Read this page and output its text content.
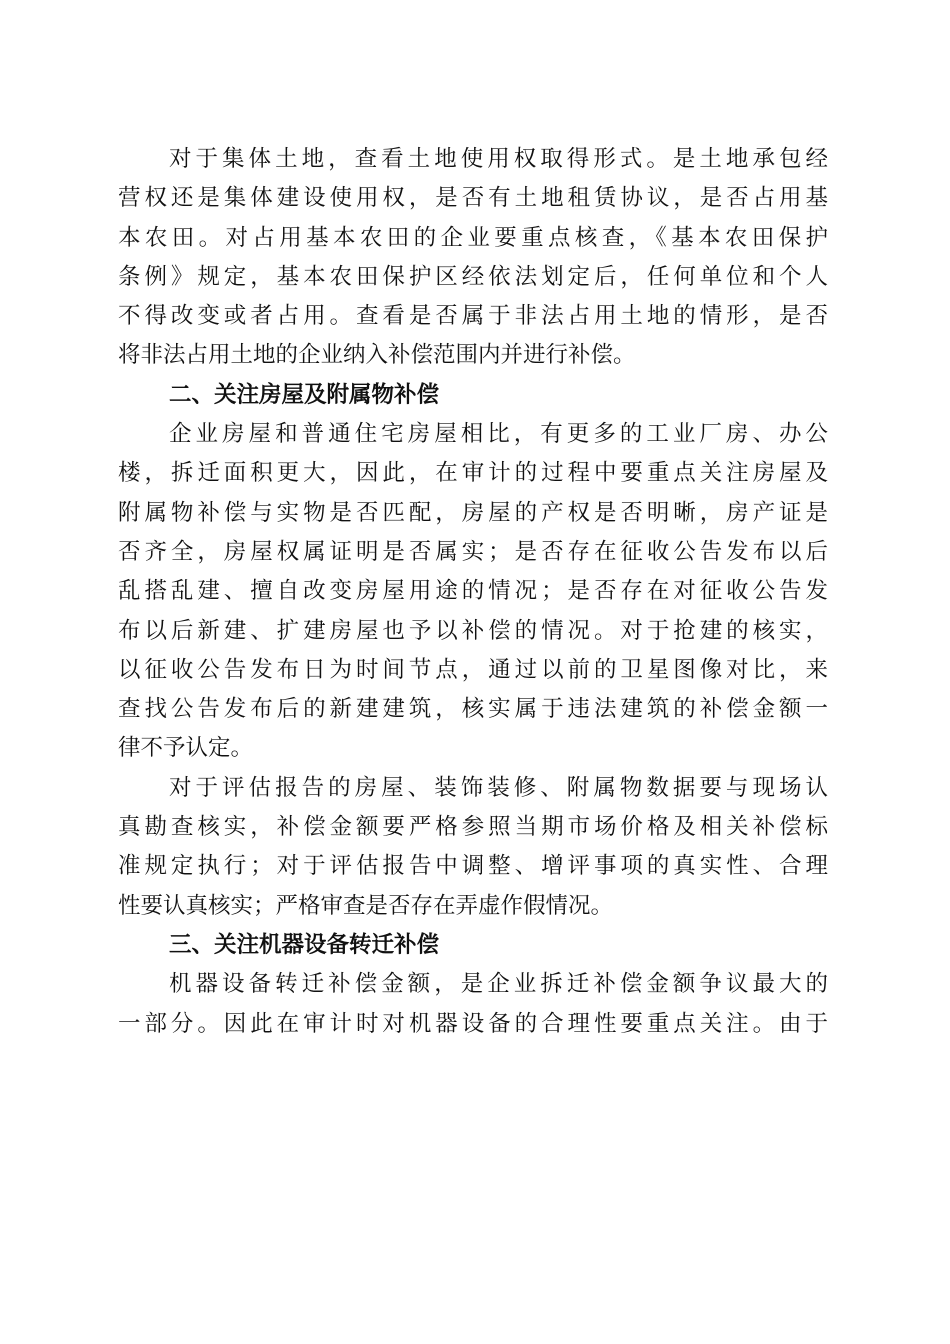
对于集体土地，查看土地使用权取得形式。是土地承包经
营权还是集体建设使用权，是否有土地租赁协议，是否占用基
本农田。对占用基本农田的企业要重点核查，《基本农田保护
条例》规定，基本农田保护区经依法划定后，任何单位和个人
不得改变或者占用。查看是否属于非法占用土地的情形，是否
将非法占用土地的企业纳入补偿范围内并进行补偿。
二、关注房屋及附属物补偿
企业房屋和普通住宅房屋相比，有更多的工业厂房、办公
楼，拆迁面积更大，因此，在审计的过程中要重点关注房屋及
附属物补偿与实物是否匹配，房屋的产权是否明晰，房产证是
否齐全，房屋权属证明是否属实；是否存在征收公告发布以后
乱搭乱建、擅自改变房屋用途的情况；是否存在对征收公告发
布以后新建、扩建房屋也予以补偿的情况。对于抢建的核实，
以征收公告发布日为时间节点，通过以前的卫星图像对比，来
查找公告发布后的新建建筑，核实属于违法建筑的补偿金额一
律不予认定。
对于评估报告的房屋、装饰装修、附属物数据要与现场认
真勘查核实，补偿金额要严格参照当期市场价格及相关补偿标
准规定执行；对于评估报告中调整、增评事项的真实性、合理
性要认真核实；严格审查是否存在弄虚作假情况。
三、关注机器设备转迁补偿
机器设备转迁补偿金额，是企业拆迁补偿金额争议最大的
一部分。因此在审计时对机器设备的合理性要重点关注。由于
